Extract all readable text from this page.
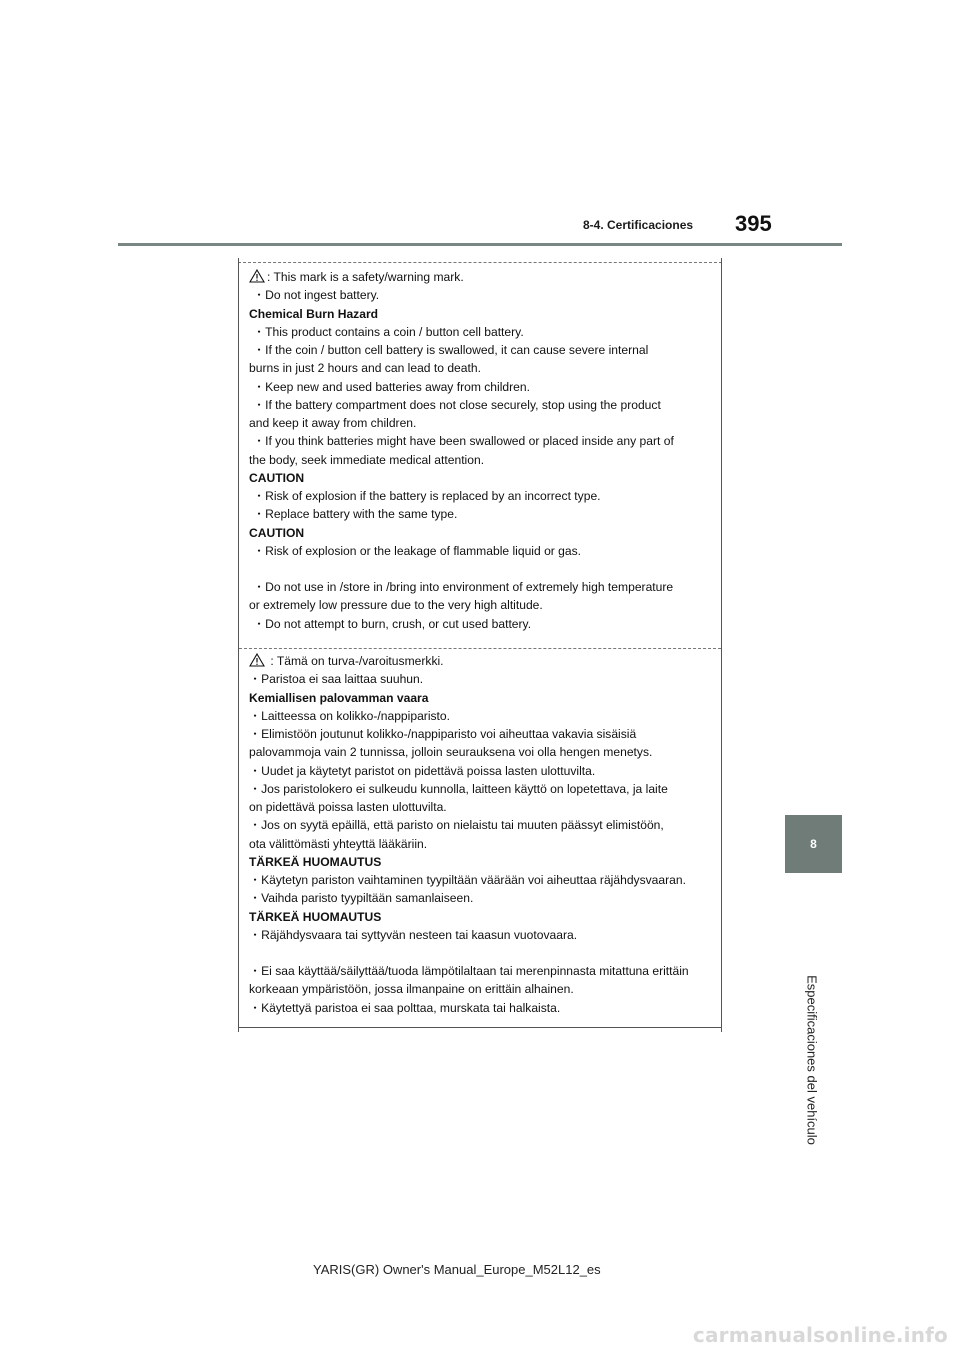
8-4. Certificaciones 395
8
Especificaciones del vehículo
: This mark is a safety/warning mark.
・Do not ingest battery.
Chemical Burn Hazard
・This product contains a coin / button cell battery.
・If the coin / button cell battery is swallowed, it can cause severe internal
burns in just 2 hours and can lead to death.
・Keep new and used batteries away from children.
・If the battery compartment does not close securely, stop using the product
and keep it away from children.
・If you think batteries might have been swallowed or placed inside any part of
the body, seek immediate medical attention.
CAUTION
・Risk of explosion if the battery is replaced by an incorrect type.
・Replace battery with the same type.
CAUTION
・Risk of explosion or the leakage of flammable liquid or gas.
・Do not use in /store in /bring into environment of extremely high temperature
or extremely low pressure due to the very high altitude.
・Do not attempt to burn, crush, or cut used battery.
: Tämä on turva-/varoitusmerkki.
・Paristoa ei saa laittaa suuhun.
Kemiallisen palovamman vaara
・Laitteessa on kolikko-/nappiparisto.
・Elimistöön joutunut kolikko-/nappiparisto voi aiheuttaa vakavia sisäisiä
palovammoja vain 2 tunnissa, jolloin seurauksena voi olla hengen menetys.
・Uudet ja käytetyt paristot on pidettävä poissa lasten ulottuvilta.
・Jos paristolokero ei sulkeudu kunnolla, laitteen käyttö on lopetettava, ja laite
on pidettävä poissa lasten ulottuvilta.
・Jos on syytä epäillä, että paristo on nielaistu tai muuten päässyt elimistöön,
ota välittömästi yhteyttä lääkäriin.
TÄRKEÄ HUOMAUTUS
・Käytetyn pariston vaihtaminen tyypiltään väärään voi aiheuttaa räjähdysvaaran.
・Vaihda paristo tyypiltään samanlaiseen.
TÄRKEÄ HUOMAUTUS
・Räjähdysvaara tai syttyvän nesteen tai kaasun vuotovaara.
・Ei saa käyttää/säilyttää/tuoda lämpötilaltaan tai merenpinnasta mitattuna erittäin
korkeaan ympäristöön, jossa ilmanpaine on erittäin alhainen.
・Käytettyä paristoa ei saa polttaa, murskata tai halkaista.
YARIS(GR) Owner's Manual_Europe_M52L12_es
carmanualsonline.info
